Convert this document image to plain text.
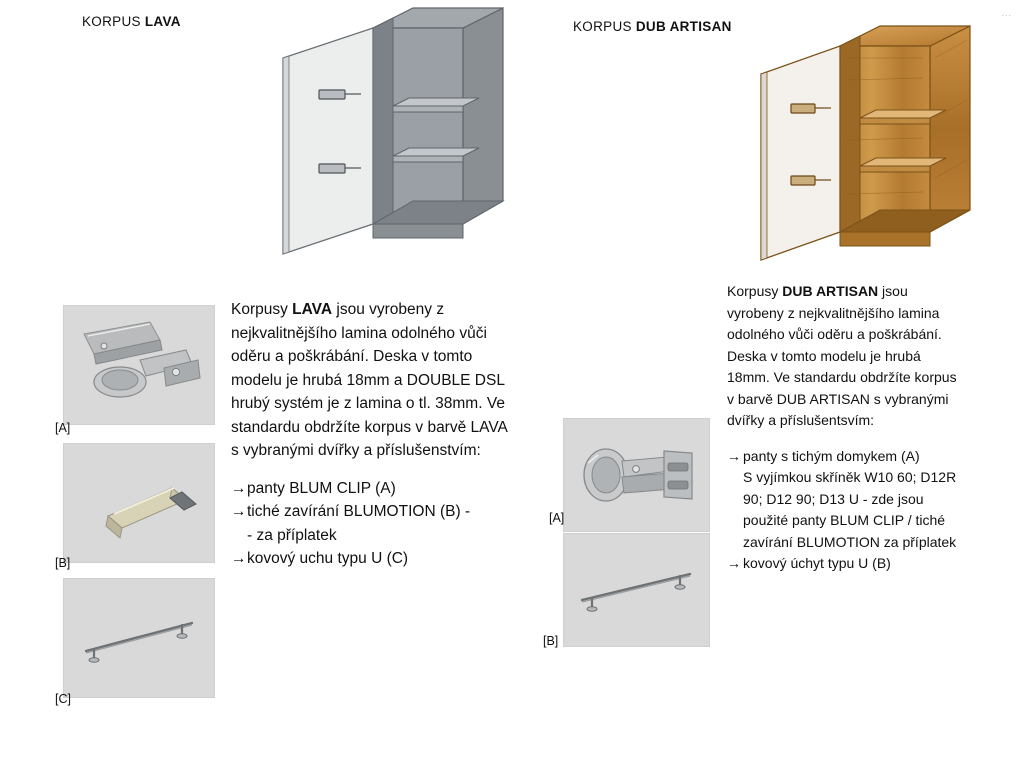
...
KORPUS LAVA	KORPUS DUB ARTISAN

Korpusy LAVA jsou vyrobeny z nejkvalitnějšího lamina odolného vůči oděru a poškrábání. Deska v tomto modelu je hrubá 18mm a DOUBLE DSL hrubý systém je z lamina o tl. 38mm. Ve standardu obdržíte korpus v barvě LAVA s vybranými dvířky a příslušenstvím:

→ panty BLUM CLIP (A)
→ tiché zavírání BLUMOTION (B) -
- za příplatek
→ kovový uchu typu U (C)

Korpusy DUB ARTISAN jsou vyrobeny z nejkvalitnějšího lamina odolného vůči oděru a poškrábání. Deska v tomto modelu je hrubá 18mm. Ve standardu obdržíte korpus v barvě DUB ARTISAN s vybranými dvířky a příslušentsvím:

→ panty s tichým domykem (A)
S vyjímkou skříněk W10 60; D12R 90; D12 90; D13 U - zde jsou použité panty BLUM CLIP / tiché zavírání BLUMOTION za příplatek
→ kovový úchyt typu U (B)
[A]
[B]
[C]
[A]
[B]
